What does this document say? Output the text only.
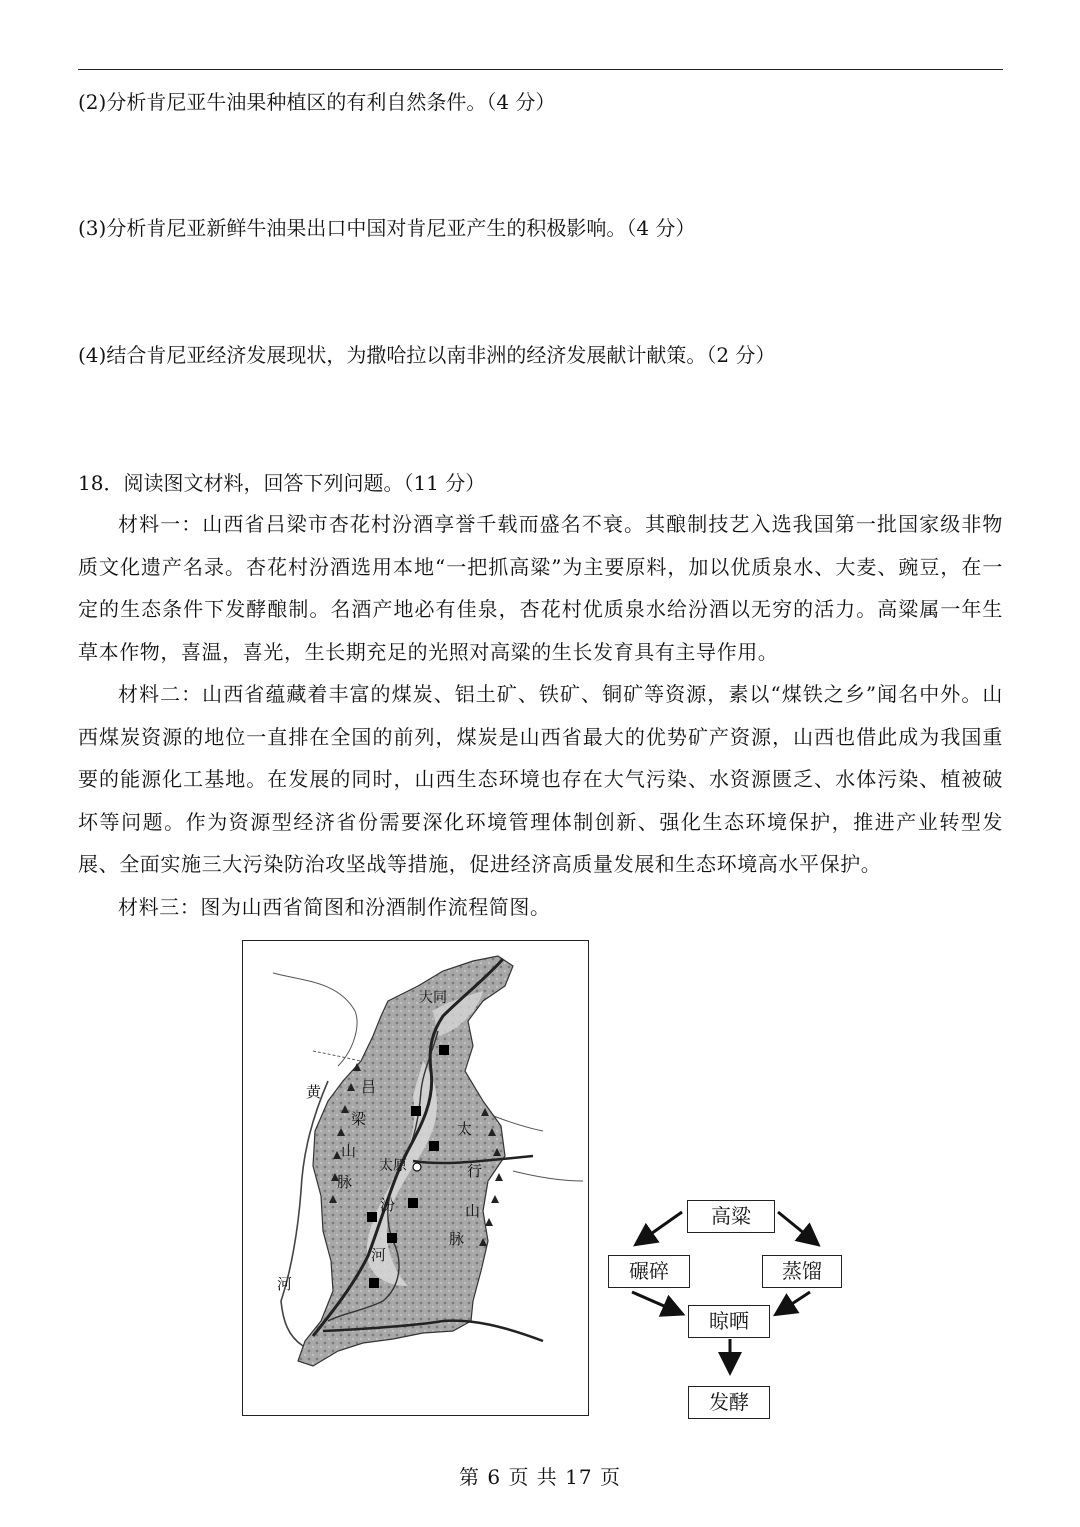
(2)分析肯尼亚牛油果种植区的有利自然条件。（4 分）
(3)分析肯尼亚新鲜牛油果出口中国对肯尼亚产生的积极影响。（4 分）
(4)结合肯尼亚经济发展现状，为撒哈拉以南非洲的经济发展献计献策。（2 分）
18．阅读图文材料，回答下列问题。（11 分）

材料一：山西省吕梁市杏花村汾酒享誉千载而盛名不衰。其酿制技艺入选我国第一批国家级非物质文化遗产名录。杏花村汾酒选用本地“一把抓高粱”为主要原料，加以优质泉水、大麦、豌豆，在一定的生态条件下发酵酿制。名酒产地必有佳泉，杏花村优质泉水给汾酒以无穷的活力。高粱属一年生草本作物，喜温，喜光，生长期充足的光照对高粱的生长发育具有主导作用。

材料二：山西省蕴藏着丰富的煤炭、铝土矿、铁矿、铜矿等资源，素以“煤铁之乡”闻名中外。山西煤炭资源的地位一直排在全国的前列，煤炭是山西省最大的优势矿产资源，山西也借此成为我国重要的能源化工基地。在发展的同时，山西生态环境也存在大气污染、水资源匮乏、水体污染、植被破坏等问题。作为资源型经济省份需要深化环境管理体制创新、强化生态环境保护，推进产业转型发展、全面实施三大污染防治攻坚战等措施，促进经济高质量发展和生态环境高水平保护。

材料三：图为山西省简图和汾酒制作流程简图。

大同
太原
黄
河
吕
梁
山
脉
太
行
山
脉
汾
河
高粱
碾碎	蒸馏
晾晒
发酵
第 6 页 共 17 页
